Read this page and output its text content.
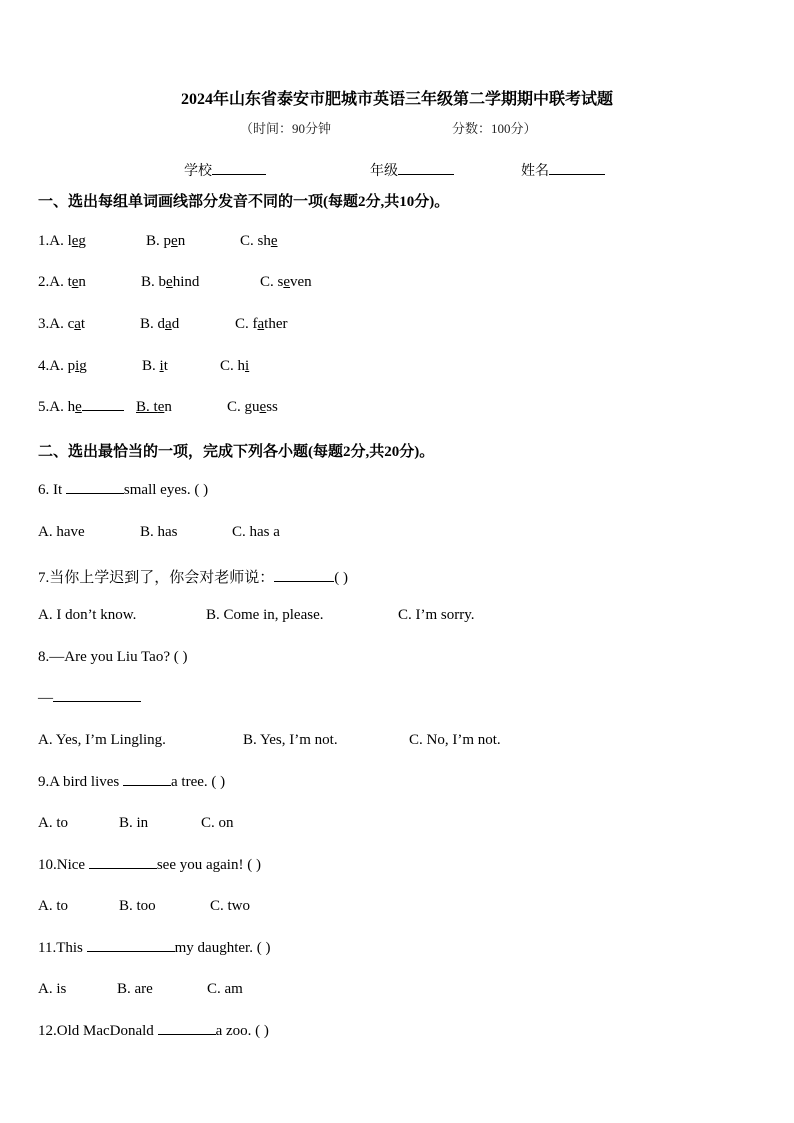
2024年山东省泰安市肥城市英语三年级第二学期期中联考试题
（时间：90分钟	分数：100分）
学校	年级	姓名
一、选出每组单词画线部分发音不同的一项(每题2分,共10分)。
1.A. leg	B. pen	C. she
2.A. ten	B. behind	C. seven
3.A. cat	B. dad	C. father
4.A. pig	B. it	C. hi
5.A. he	B. ten	C. guess
二、选出最恰当的一项，完成下列各小题(每题2分,共20分)。
6. It	small eyes. ( )
A. have	B. has	C. has a
7.当你上学迟到了，你会对老师说：	( )
A. I don’t know.	B. Come in, please.	C. I’m sorry.
8.—Are you Liu Tao? ( )
—
A. Yes, I’m Lingling.	B. Yes, I’m not.	C. No, I’m not.
9.A bird lives	a tree. ( )
A. to	B. in	C. on
10.Nice	see you again! ( )
A. to	B. too	C. two
11.This	my daughter. ( )
A. is	B. are	C. am
12.Old MacDonald	a zoo. ( )
